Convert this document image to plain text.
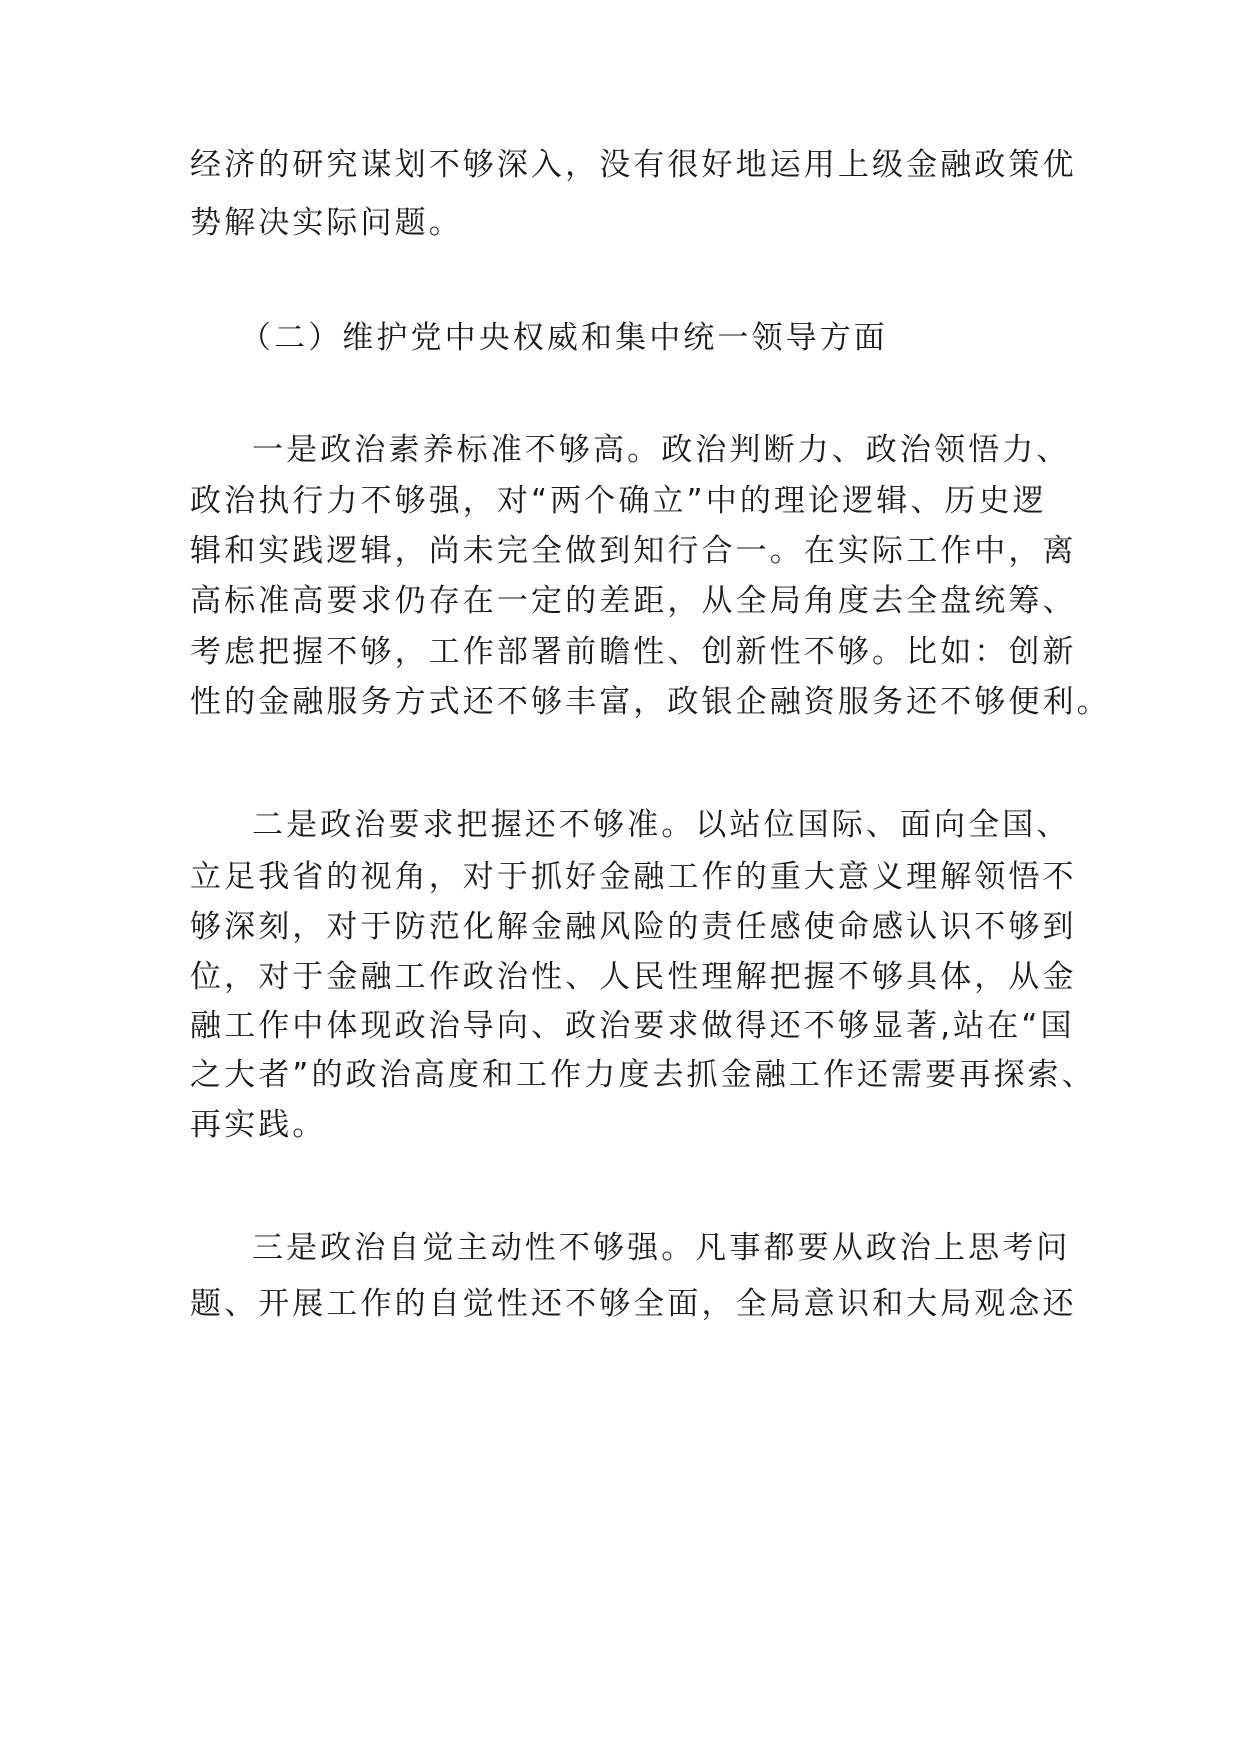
经济的研究谋划不够深入，没有很好地运用上级金融政策优
势解决实际问题。
（二）维护党中央权威和集中统一领导方面
一是政治素养标准不够高。政治判断力、政治领悟力、
政治执行力不够强，对“两个确立”中的理论逻辑、历史逻
辑和实践逻辑，尚未完全做到知行合一。在实际工作中，离
高标准高要求仍存在一定的差距，从全局角度去全盘统筹、
考虑把握不够，工作部署前瞻性、创新性不够。比如：创新
性的金融服务方式还不够丰富，政银企融资服务还不够便利。
二是政治要求把握还不够准。以站位国际、面向全国、
立足我省的视角，对于抓好金融工作的重大意义理解领悟不
够深刻，对于防范化解金融风险的责任感使命感认识不够到
位，对于金融工作政治性、人民性理解把握不够具体，从金
融工作中体现政治导向、政治要求做得还不够显著,站在“国
之大者”的政治高度和工作力度去抓金融工作还需要再探索、
再实践。
三是政治自觉主动性不够强。凡事都要从政治上思考问
题、开展工作的自觉性还不够全面，全局意识和大局观念还
